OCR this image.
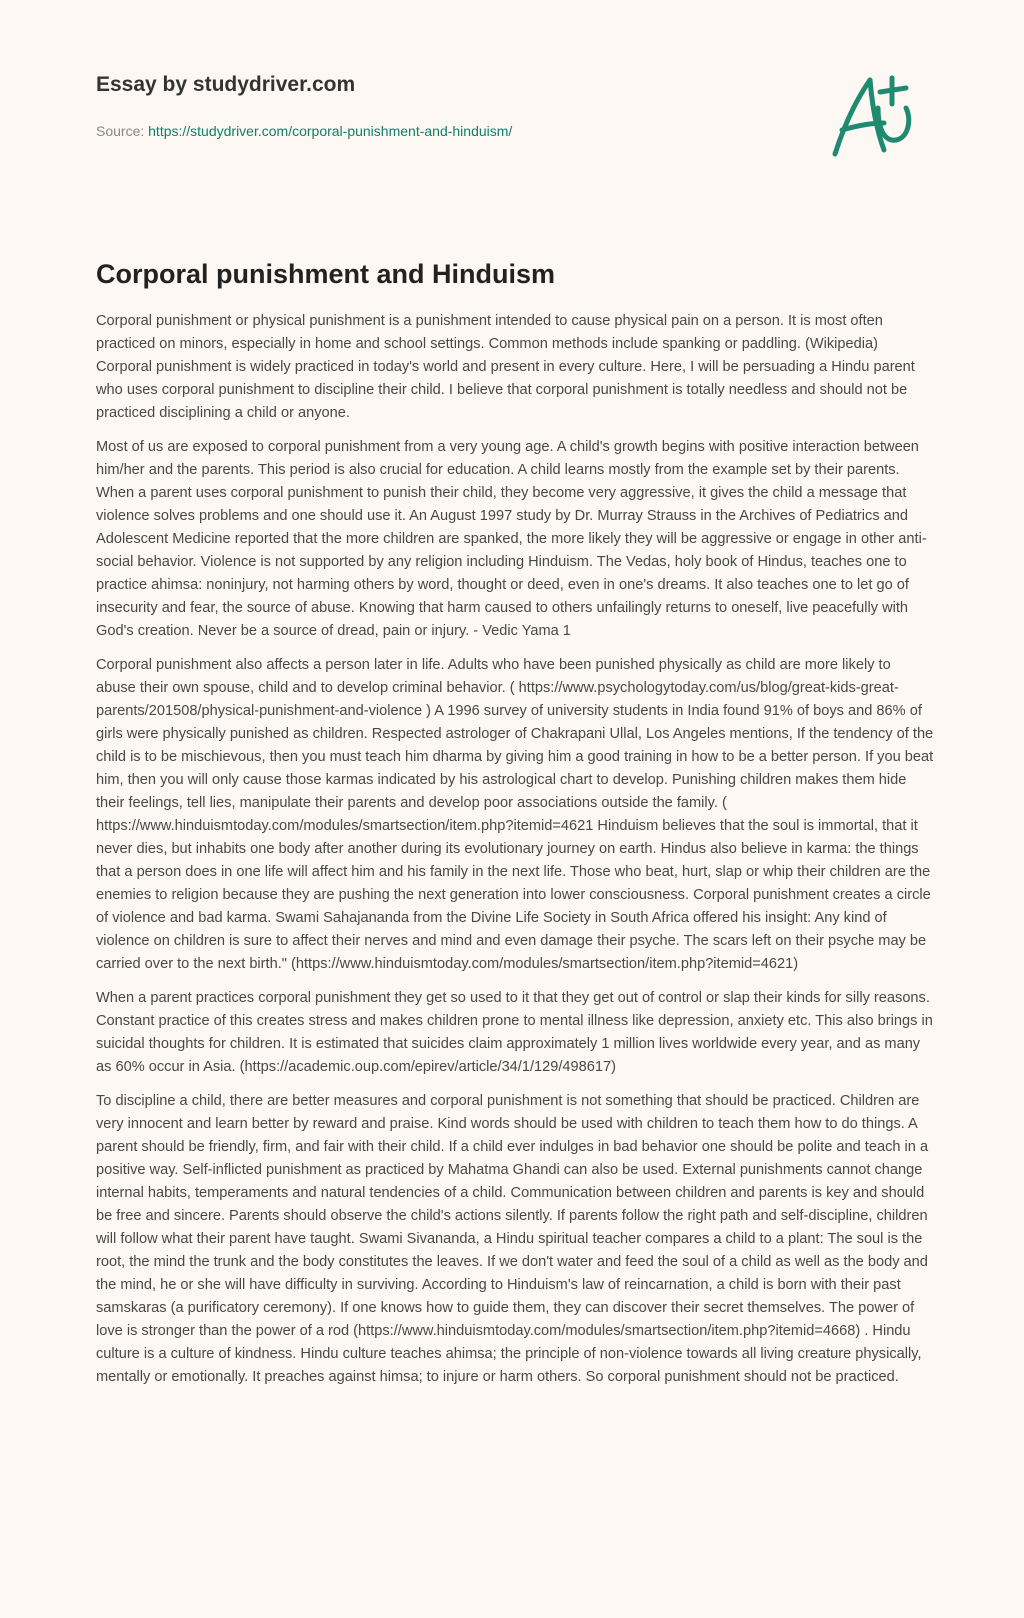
Essay by studydriver.com
Source: https://studydriver.com/corporal-punishment-and-hinduism/
Corporal punishment and Hinduism

Corporal punishment or physical punishment is a punishment intended to cause physical pain on a person. It is most often practiced on minors, especially in home and school settings. Common methods include spanking or paddling. (Wikipedia) Corporal punishment is widely practiced in today's world and present in every culture. Here, I will be persuading a Hindu parent who uses corporal punishment to discipline their child. I believe that corporal punishment is totally needless and should not be practiced disciplining a child or anyone.

Most of us are exposed to corporal punishment from a very young age. A child's growth begins with positive interaction between him/her and the parents. This period is also crucial for education. A child learns mostly from the example set by their parents. When a parent uses corporal punishment to punish their child, they become very aggressive, it gives the child a message that violence solves problems and one should use it. An August 1997 study by Dr. Murray Strauss in the Archives of Pediatrics and Adolescent Medicine reported that the more children are spanked, the more likely they will be aggressive or engage in other anti-social behavior. Violence is not supported by any religion including Hinduism. The Vedas, holy book of Hindus, teaches one to practice ahimsa: noninjury, not harming others by word, thought or deed, even in one's dreams. It also teaches one to let go of insecurity and fear, the source of abuse. Knowing that harm caused to others unfailingly returns to oneself, live peacefully with God's creation. Never be a source of dread, pain or injury. - Vedic Yama 1

Corporal punishment also affects a person later in life. Adults who have been punished physically as child are more likely to abuse their own spouse, child and to develop criminal behavior. ( https://www.psychologytoday.com/us/blog/great-kids-great-parents/201508/physical-punishment-and-violence ) A 1996 survey of university students in India found 91% of boys and 86% of girls were physically punished as children. Respected astrologer of Chakrapani Ullal, Los Angeles mentions, If the tendency of the child is to be mischievous, then you must teach him dharma by giving him a good training in how to be a better person. If you beat him, then you will only cause those karmas indicated by his astrological chart to develop. Punishing children makes them hide their feelings, tell lies, manipulate their parents and develop poor associations outside the family. ( https://www.hinduismtoday.com/modules/smartsection/item.php?itemid=4621 Hinduism believes that the soul is immortal, that it never dies, but inhabits one body after another during its evolutionary journey on earth. Hindus also believe in karma: the things that a person does in one life will affect him and his family in the next life. Those who beat, hurt, slap or whip their children are the enemies to religion because they are pushing the next generation into lower consciousness. Corporal punishment creates a circle of violence and bad karma. Swami Sahajananda from the Divine Life Society in South Africa offered his insight: Any kind of violence on children is sure to affect their nerves and mind and even damage their psyche. The scars left on their psyche may be carried over to the next birth." (https://www.hinduismtoday.com/modules/smartsection/item.php?itemid=4621)

When a parent practices corporal punishment they get so used to it that they get out of control or slap their kinds for silly reasons. Constant practice of this creates stress and makes children prone to mental illness like depression, anxiety etc. This also brings in suicidal thoughts for children. It is estimated that suicides claim approximately 1 million lives worldwide every year, and as many as 60% occur in Asia. (https://academic.oup.com/epirev/article/34/1/129/498617)

To discipline a child, there are better measures and corporal punishment is not something that should be practiced. Children are very innocent and learn better by reward and praise. Kind words should be used with children to teach them how to do things. A parent should be friendly, firm, and fair with their child. If a child ever indulges in bad behavior one should be polite and teach in a positive way. Self-inflicted punishment as practiced by Mahatma Ghandi can also be used. External punishments cannot change internal habits, temperaments and natural tendencies of a child. Communication between children and parents is key and should be free and sincere. Parents should observe the child's actions silently. If parents follow the right path and self-discipline, children will follow what their parent have taught. Swami Sivananda, a Hindu spiritual teacher compares a child to a plant: The soul is the root, the mind the trunk and the body constitutes the leaves. If we don't water and feed the soul of a child as well as the body and the mind, he or she will have difficulty in surviving. According to Hinduism's law of reincarnation, a child is born with their past samskaras (a purificatory ceremony). If one knows how to guide them, they can discover their secret themselves. The power of love is stronger than the power of a rod (https://www.hinduismtoday.com/modules/smartsection/item.php?itemid=4668) . Hindu culture is a culture of kindness. Hindu culture teaches ahimsa; the principle of non-violence towards all living creature physically, mentally or emotionally. It preaches against himsa; to injure or harm others. So corporal punishment should not be practiced.
